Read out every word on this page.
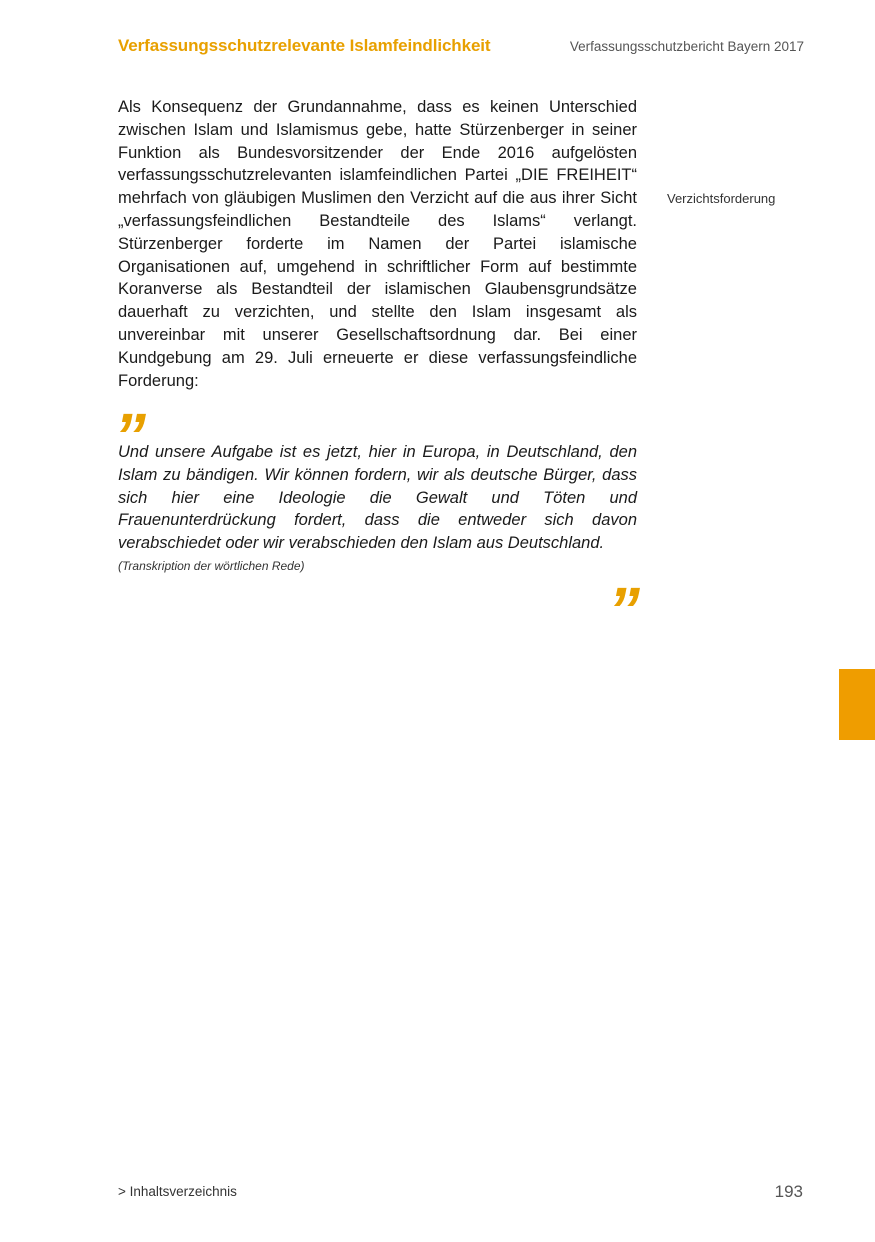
Verfassungsschutzrelevante Islamfeindlichkeit	Verfassungsschutzbericht Bayern 2017
Als Konsequenz der Grundannahme, dass es keinen Unterschied zwischen Islam und Islamismus gebe, hatte Stürzenberger in seiner Funktion als Bundesvorsitzender der Ende 2016 aufgelösten verfassungsschutzrelevanten islamfeindlichen Partei „DIE FREIHEIT“ mehrfach von gläubigen Muslimen den Verzicht auf die aus ihrer Sicht „verfassungsfeindlichen Bestandteile des Islams“ verlangt. Stürzenberger forderte im Namen der Partei islamische Organisationen auf, umgehend in schriftlicher Form auf bestimmte Koranverse als Bestandteil der islamischen Glaubensgrundsätze dauerhaft zu verzichten, und stellte den Islam insgesamt als unvereinbar mit unserer Gesellschaftsordnung dar. Bei einer Kundgebung am 29. Juli erneuerte er diese verfassungsfeindliche Forderung:
Verzichtsforderung
”
Und unsere Aufgabe ist es jetzt, hier in Europa, in Deutschland, den Islam zu bändigen. Wir können fordern, wir als deutsche Bürger, dass sich hier eine Ideologie die Gewalt und Töten und Frauenunterdrückung fordert, dass die entweder sich davon verabschiedet oder wir verabschieden den Islam aus Deutschland.
(Transkription der wörtlichen Rede)
”
> Inhaltsverzeichnis	193
